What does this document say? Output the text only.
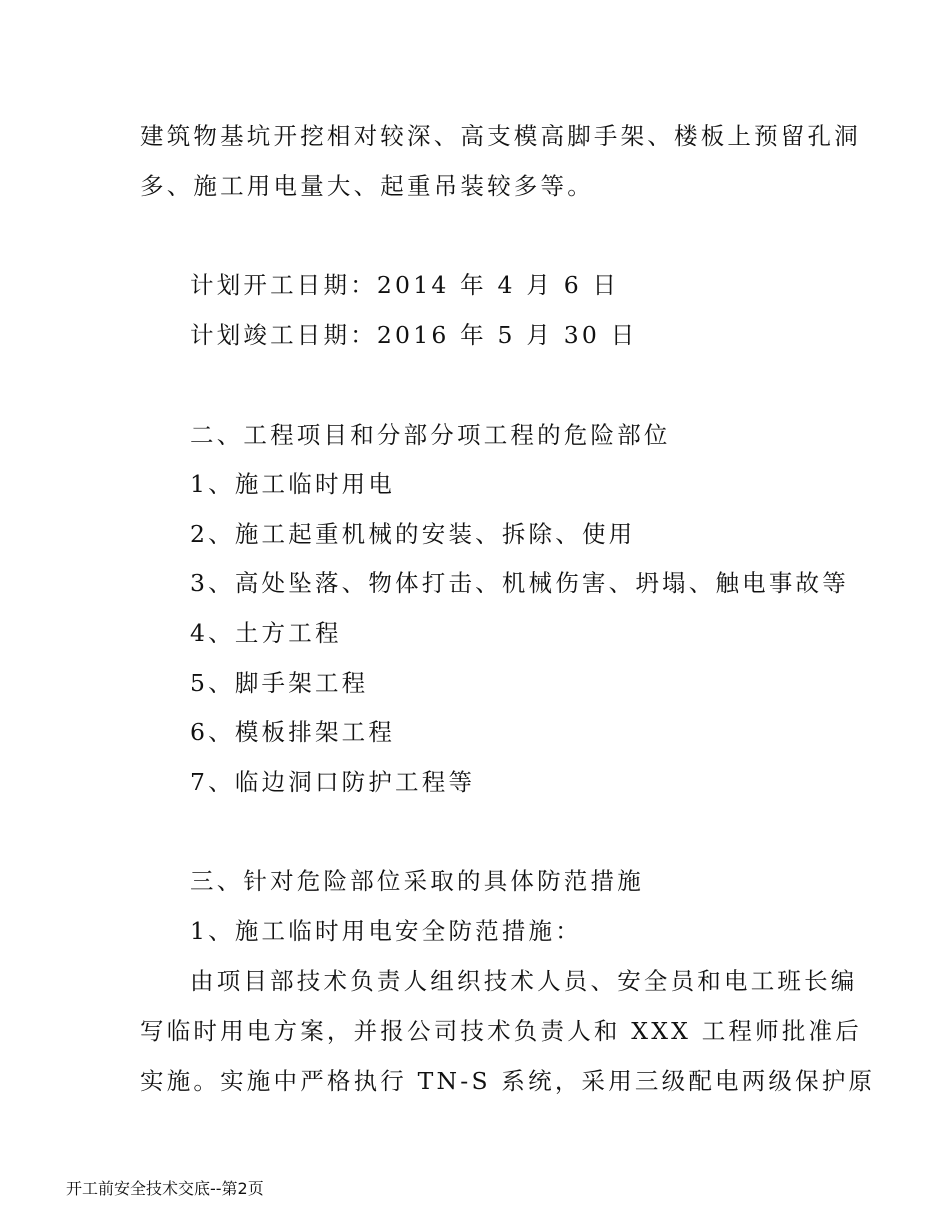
建筑物基坑开挖相对较深、高支模高脚手架、楼板上预留孔洞
多、施工用电量大、起重吊装较多等。
计划开工日期：2014 年 4 月 6 日
计划竣工日期：2016 年 5 月 30 日
二、工程项目和分部分项工程的危险部位
1、施工临时用电
2、施工起重机械的安装、拆除、使用
3、高处坠落、物体打击、机械伤害、坍塌、触电事故等
4、土方工程
5、脚手架工程
6、模板排架工程
7、临边洞口防护工程等
三、针对危险部位采取的具体防范措施
1、施工临时用电安全防范措施：
由项目部技术负责人组织技术人员、安全员和电工班长编
写临时用电方案，并报公司技术负责人和 XXX 工程师批准后
实施。实施中严格执行 TN-S 系统，采用三级配电两级保护原
开工前安全技术交底--第2页
